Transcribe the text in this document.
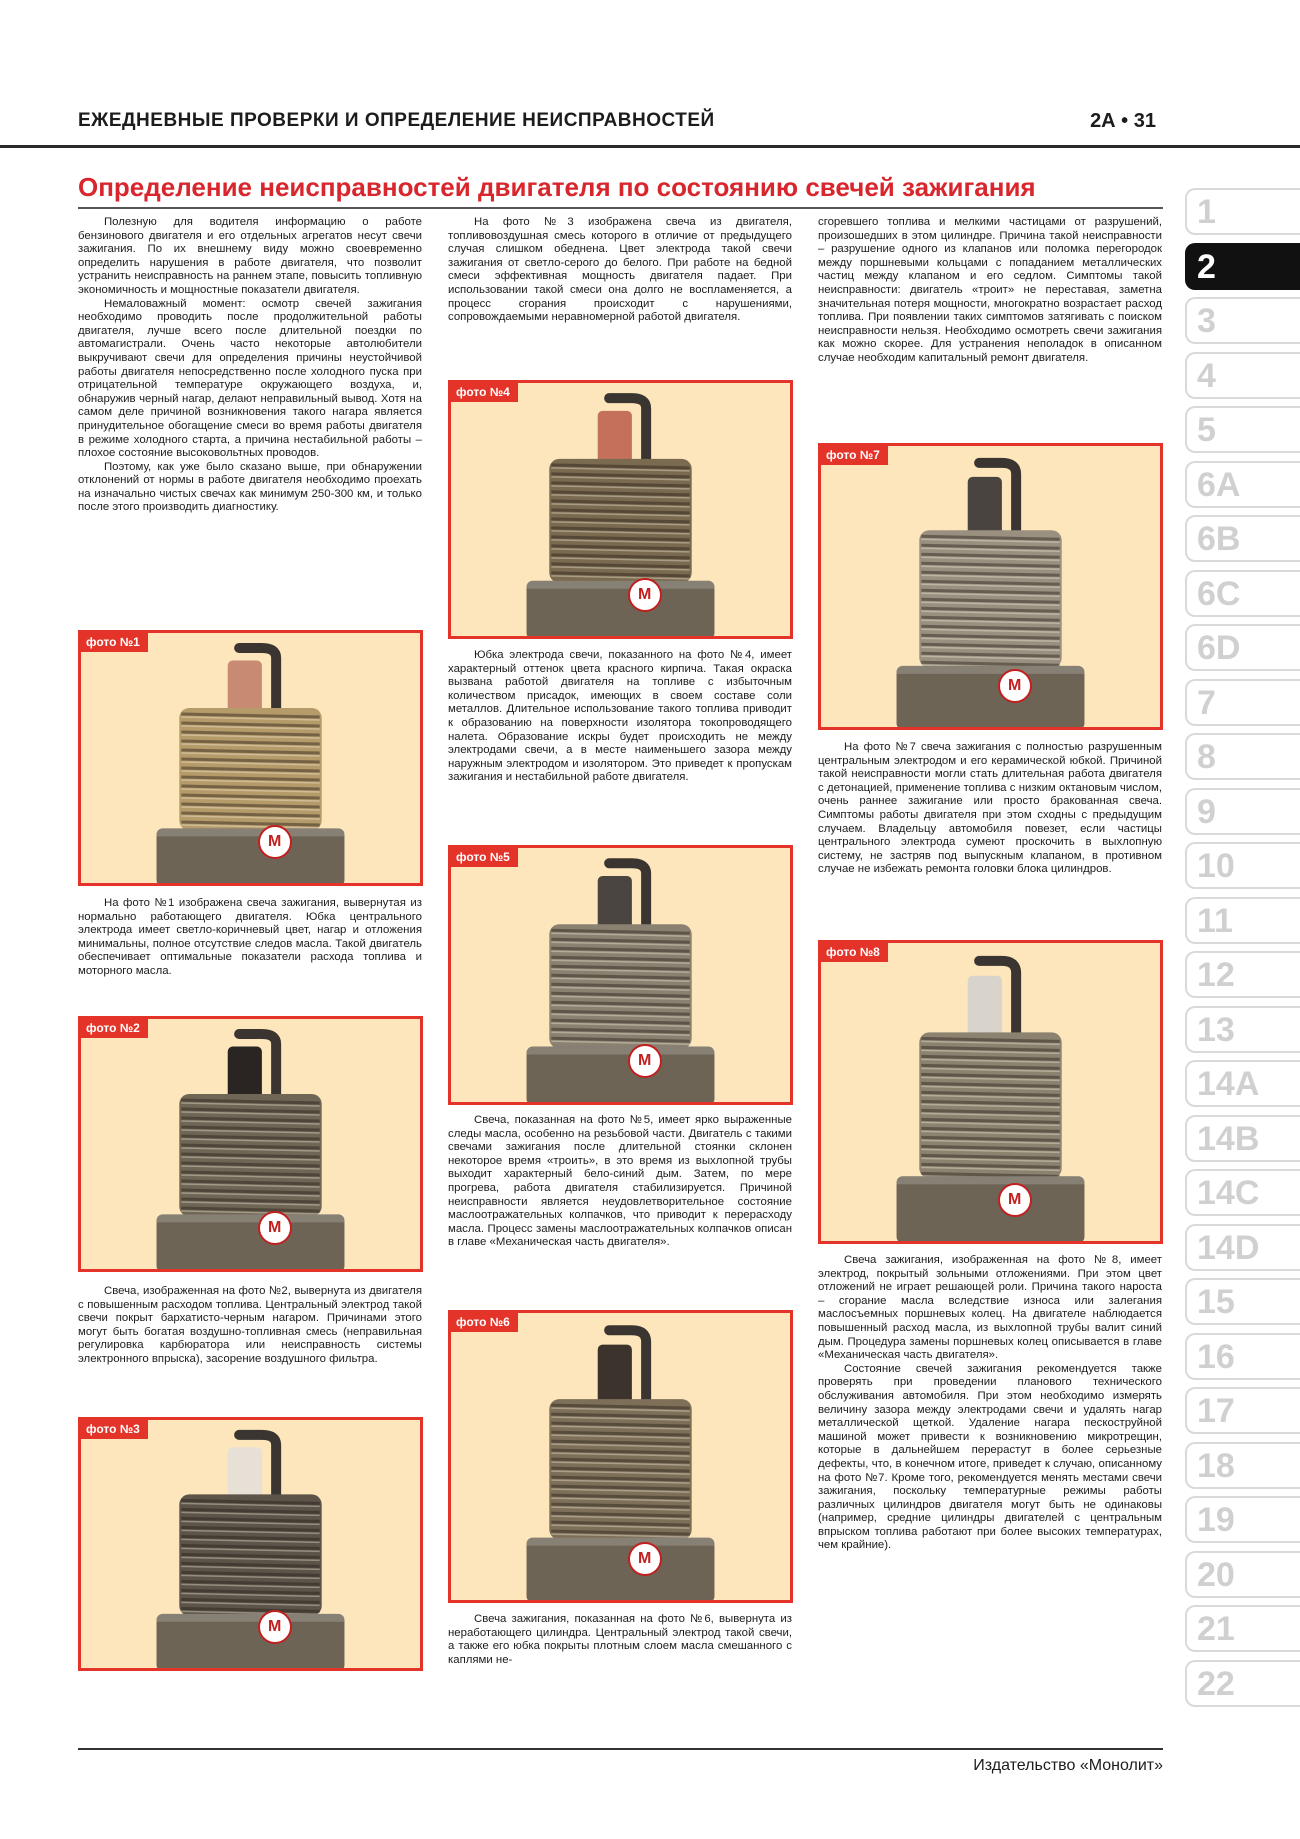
ЕЖЕДНЕВНЫЕ ПРОВЕРКИ И ОПРЕДЕЛЕНИЕ НЕИСПРАВНОСТЕЙ	2А • 31
Определение неисправностей двигателя по состоянию свечей зажигания

Полезную для водителя информацию о работе бензинового двигателя и его отдельных агрегатов несут свечи зажигания. По их внешнему виду можно своевременно определить нарушения в работе двигателя, что позволит устранить неисправность на раннем этапе, повысить топливную экономичность и мощностные показатели двигателя.

Немаловажный момент: осмотр свечей зажигания необходимо проводить после продолжительной работы двигателя, лучше всего после длительной поездки по автомагистрали. Очень часто некоторые автолюбители выкручивают свечи для определения причины неустойчивой работы двигателя непосредственно после холодного пуска при отрицательной температуре окружающего воздуха, и, обнаружив черный нагар, делают неправильный вывод. Хотя на самом деле причиной возникновения такого нагара является принудительное обогащение смеси во время работы двигателя в режиме холодного старта, а причина нестабильной работы – плохое состояние высоковольтных проводов.

Поэтому, как уже было сказано выше, при обнаружении отклонений от нормы в работе двигателя необходимо проехать на изначально чистых свечах как минимум 250-300 км, и только после этого производить диагностику.

фото №1
М

На фото №1 изображена свеча зажигания, вывернутая из нормально работающего двигателя. Юбка центрального электрода имеет светло-коричневый цвет, нагар и отложения минимальны, полное отсутствие следов масла. Такой двигатель обеспечивает оптимальные показатели расхода топлива и моторного масла.

фото №2
М

Свеча, изображенная на фото №2, вывернута из двигателя с повышенным расходом топлива. Центральный электрод такой свечи покрыт бархатисто-черным нагаром. Причинами этого могут быть богатая воздушно-топливная смесь (неправильная регулировка карбюратора или неисправность системы электронного впрыска), засорение воздушного фильтра.

фото №3
М

На фото №3 изображена свеча из двигателя, топливовоздушная смесь которого в отличие от предыдущего случая слишком обеднена. Цвет электрода такой свечи зажигания от светло-серого до белого. При работе на бедной смеси эффективная мощность двигателя падает. При использовании такой смеси она долго не воспламеняется, а процесс сгорания происходит с нарушениями, сопровождаемыми неравномерной работой двигателя.

фото №4
М

Юбка электрода свечи, показанного на фото №4, имеет характерный оттенок цвета красного кирпича. Такая окраска вызвана работой двигателя на топливе с избыточным количеством присадок, имеющих в своем составе соли металлов. Длительное использование такого топлива приводит к образованию на поверхности изолятора токопроводящего налета. Образование искры будет происходить не между электродами свечи, а в месте наименьшего зазора между наружным электродом и изолятором. Это приведет к пропускам зажигания и нестабильной работе двигателя.

фото №5
М

Свеча, показанная на фото №5, имеет ярко выраженные следы масла, особенно на резьбовой части. Двигатель с такими свечами зажигания после длительной стоянки склонен некоторое время «троить», в это время из выхлопной трубы выходит характерный бело-синий дым. Затем, по мере прогрева, работа двигателя стабилизируется. Причиной неисправности является неудовлетворительное состояние маслоотражательных колпачков, что приводит к перерасходу масла. Процесс замены маслоотражательных колпачков описан в главе «Механическая часть двигателя».

фото №6
М

Свеча зажигания, показанная на фото №6, вывернута из неработающего цилиндра. Центральный электрод такой свечи, а также его юбка покрыты плотным слоем масла смешанного с каплями не-

сгоревшего топлива и мелкими частицами от разрушений, произошедших в этом цилиндре. Причина такой неисправности – разрушение одного из клапанов или поломка перегородок между поршневыми кольцами с попаданием металлических частиц между клапаном и его седлом. Симптомы такой неисправности: двигатель «троит» не переставая, заметна значительная потеря мощности, многократно возрастает расход топлива. При появлении таких симптомов затягивать с поиском неисправности нельзя. Необходимо осмотреть свечи зажигания как можно скорее. Для устранения неполадок в описанном случае необходим капитальный ремонт двигателя.

фото №7
М

На фото №7 свеча зажигания с полностью разрушенным центральным электродом и его керамической юбкой. Причиной такой неисправности могли стать длительная работа двигателя с детонацией, применение топлива с низким октановым числом, очень раннее зажигание или просто бракованная свеча. Симптомы работы двигателя при этом сходны с предыдущим случаем. Владельцу автомобиля повезет, если частицы центрального электрода сумеют проскочить в выхлопную систему, не застряв под выпускным клапаном, в противном случае не избежать ремонта головки блока цилиндров.

фото №8
М

Свеча зажигания, изображенная на фото №8, имеет электрод, покрытый зольными отложениями. При этом цвет отложений не играет решающей роли. Причина такого нароста – сгорание масла вследствие износа или залегания маслосъемных поршневых колец. На двигателе наблюдается повышенный расход масла, из выхлопной трубы валит синий дым. Процедура замены поршневых колец описывается в главе «Механическая часть двигателя».

Состояние свечей зажигания рекомендуется также проверять при проведении планового технического обслуживания автомобиля. При этом необходимо измерять величину зазора между электродами свечи и удалять нагар металлической щеткой. Удаление нагара пескоструйной машиной может привести к возникновению микротрещин, которые в дальнейшем перерастут в более серьезные дефекты, что, в конечном итоге, приведет к случаю, описанному на фото №7. Кроме того, рекомендуется менять местами свечи зажигания, поскольку температурные режимы работы различных цилиндров двигателя могут быть не одинаковы (например, средние цилиндры двигателей с центральным впрыском топлива работают при более высоких температурах, чем крайние).

1
2
3
4
5
6А
6В
6С
6D
7
8
9
10
11
12
13
14А
14В
14С
14D
15
16
17
18
19
20
21
22
Издательство «Монолит»
